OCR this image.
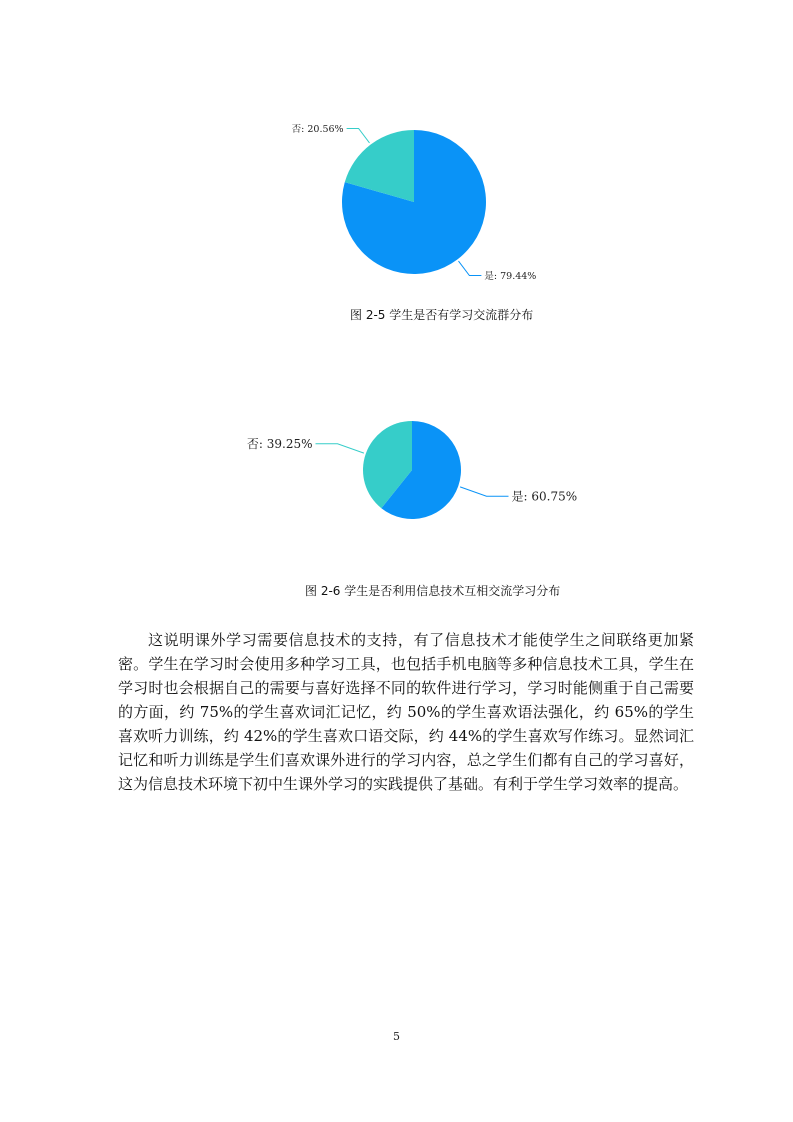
是: 79.44%
否: 20.56%
图 2-5 学生是否有学习交流群分布
是: 60.75%
否: 39.25%
图 2-6 学生是否利用信息技术互相交流学习分布

这说明课外学习需要信息技术的支持，有了信息技术才能使学生之间联络更加紧密。学生在学习时会使用多种学习工具，也包括手机电脑等多种信息技术工具，学生在学习时也会根据自己的需要与喜好选择不同的软件进行学习，学习时能侧重于自己需要的方面，约 75%的学生喜欢词汇记忆，约 50%的学生喜欢语法强化，约 65%的学生喜欢听力训练，约 42%的学生喜欢口语交际，约 44%的学生喜欢写作练习。显然词汇记忆和听力训练是学生们喜欢课外进行的学习内容，总之学生们都有自己的学习喜好，这为信息技术环境下初中生课外学习的实践提供了基础。有利于学生学习效率的提高。

5
